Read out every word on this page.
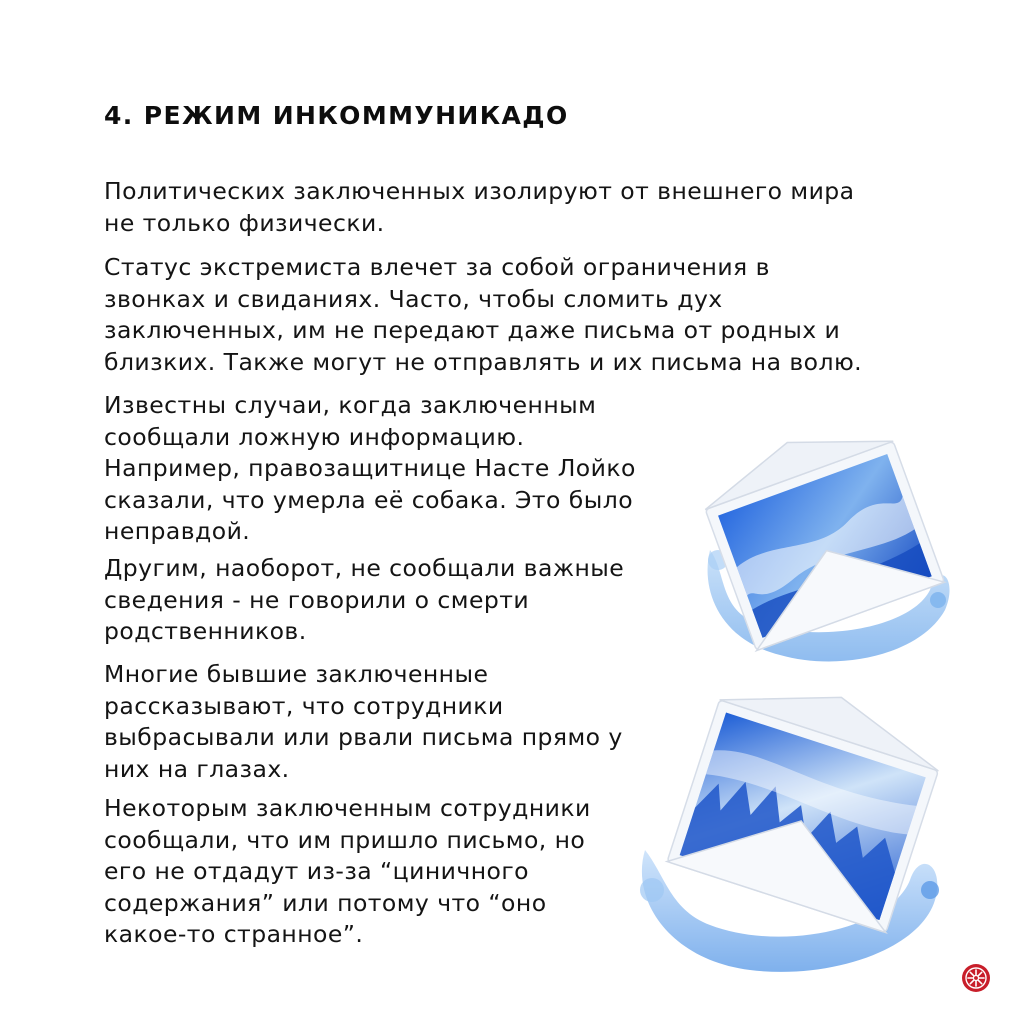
4. РЕЖИМ ИНКОММУНИКАДО

Политических заключенных изолируют от внешнего мира
не только физически.

Статус экстремиста влечет за собой ограничения в
звонках и свиданиях. Часто, чтобы сломить дух
заключенных, им не передают даже письма от родных и
близких. Также могут не отправлять и их письма на волю.

Известны случаи, когда заключенным
сообщали ложную информацию.
Например, правозащитнице Насте Лойко
сказали, что умерла её собака. Это было
неправдой.

Другим, наоборот, не сообщали важные
сведения - не говорили о смерти
родственников.

Многие бывшие заключенные
рассказывают, что сотрудники
выбрасывали или рвали письма прямо у
них на глазах.

Некоторым заключенным сотрудники
сообщали, что им пришло письмо, но
его не отдадут из-за “циничного
содержания” или потому что “оно
какое-то странное”.
